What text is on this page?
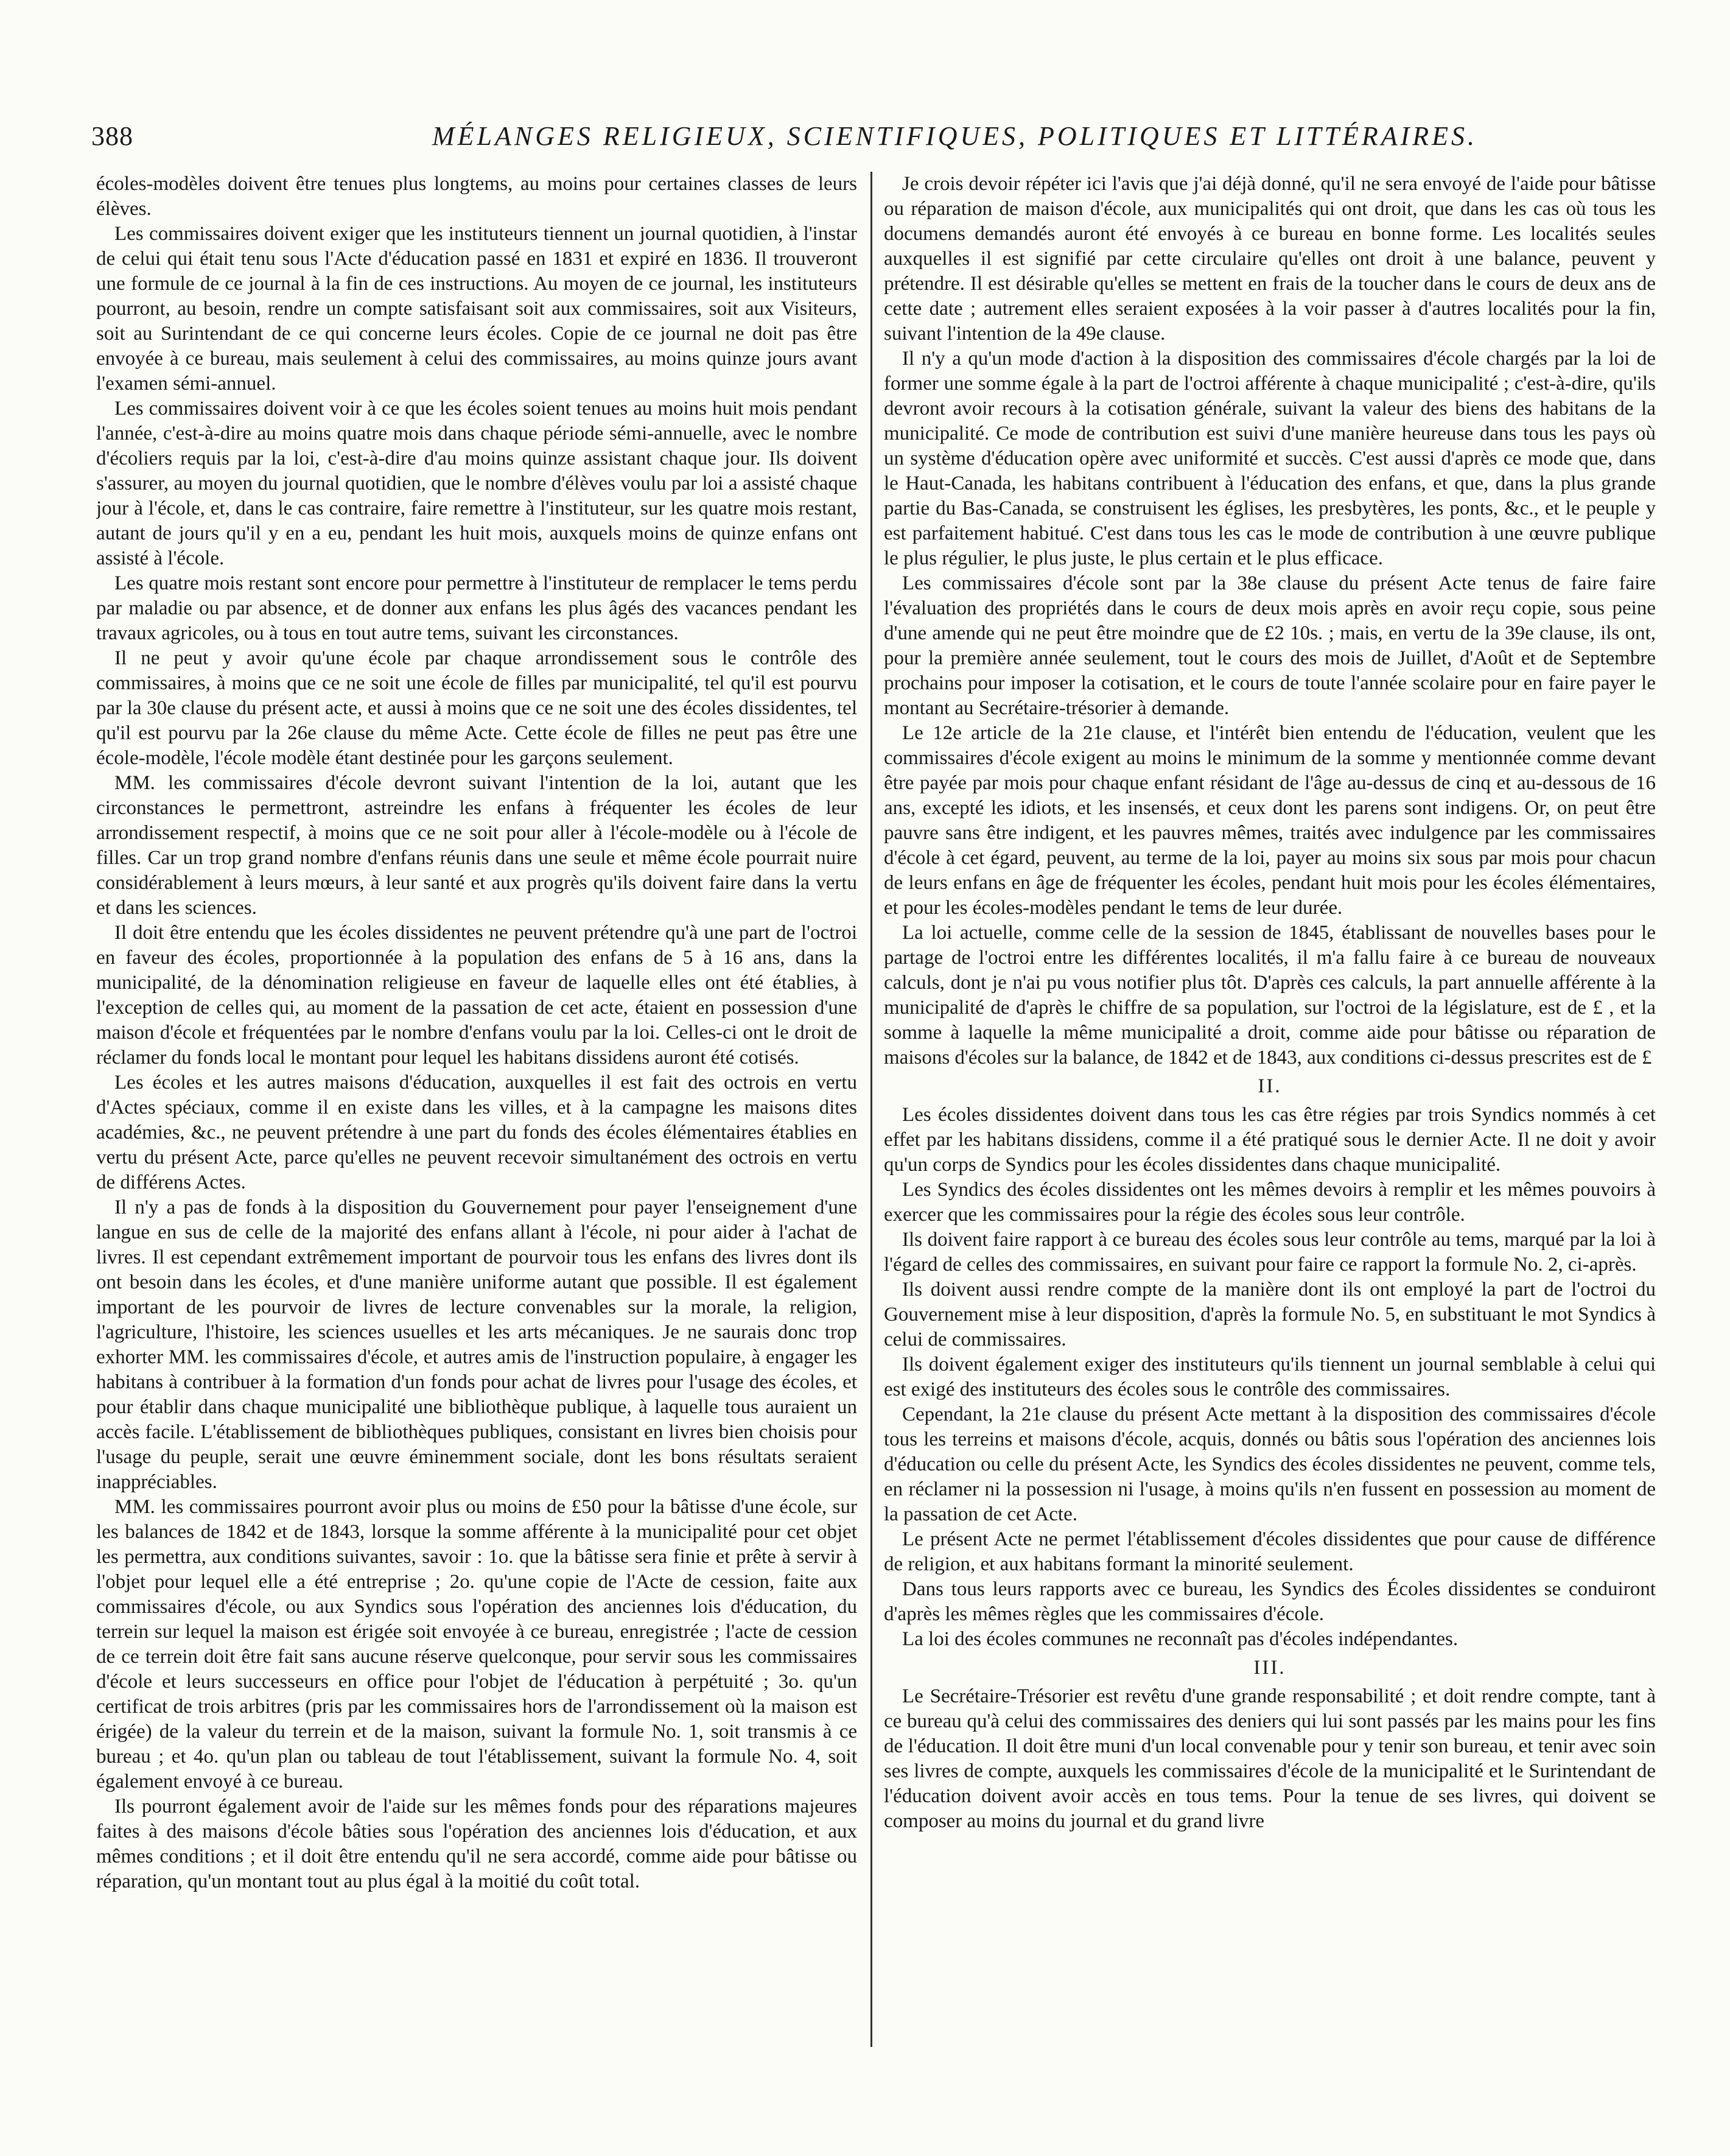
388	MÉLANGES RELIGIEUX, SCIENTIFIQUES, POLITIQUES ET LITTÉRAIRES.

écoles-modèles doivent être tenues plus longtems, au moins pour certaines classes de leurs élèves.

Les commissaires doivent exiger que les instituteurs tiennent un journal quotidien, à l'instar de celui qui était tenu sous l'Acte d'éducation passé en 1831 et expiré en 1836. Il trouveront une formule de ce journal à la fin de ces instructions. Au moyen de ce journal, les instituteurs pourront, au besoin, rendre un compte satisfaisant soit aux commissaires, soit aux Visiteurs, soit au Surintendant de ce qui concerne leurs écoles. Copie de ce journal ne doit pas être envoyée à ce bureau, mais seulement à celui des commissaires, au moins quinze jours avant l'examen sémi-annuel.

Les commissaires doivent voir à ce que les écoles soient tenues au moins huit mois pendant l'année, c'est-à-dire au moins quatre mois dans chaque période sémi-annuelle, avec le nombre d'écoliers requis par la loi, c'est-à-dire d'au moins quinze assistant chaque jour. Ils doivent s'assurer, au moyen du journal quotidien, que le nombre d'élèves voulu par loi a assisté chaque jour à l'école, et, dans le cas contraire, faire remettre à l'instituteur, sur les quatre mois restant, autant de jours qu'il y en a eu, pendant les huit mois, auxquels moins de quinze enfans ont assisté à l'école.

Les quatre mois restant sont encore pour permettre à l'instituteur de remplacer le tems perdu par maladie ou par absence, et de donner aux enfans les plus âgés des vacances pendant les travaux agricoles, ou à tous en tout autre tems, suivant les circonstances.

Il ne peut y avoir qu'une école par chaque arrondissement sous le contrôle des commissaires, à moins que ce ne soit une école de filles par municipalité, tel qu'il est pourvu par la 30e clause du présent acte, et aussi à moins que ce ne soit une des écoles dissidentes, tel qu'il est pourvu par la 26e clause du même Acte. Cette école de filles ne peut pas être une école-modèle, l'école modèle étant destinée pour les garçons seulement.

MM. les commissaires d'école devront suivant l'intention de la loi, autant que les circonstances le permettront, astreindre les enfans à fréquenter les écoles de leur arrondissement respectif, à moins que ce ne soit pour aller à l'école-modèle ou à l'école de filles. Car un trop grand nombre d'enfans réunis dans une seule et même école pourrait nuire considérablement à leurs mœurs, à leur santé et aux progrès qu'ils doivent faire dans la vertu et dans les sciences.

Il doit être entendu que les écoles dissidentes ne peuvent prétendre qu'à une part de l'octroi en faveur des écoles, proportionnée à la population des enfans de 5 à 16 ans, dans la municipalité, de la dénomination religieuse en faveur de laquelle elles ont été établies, à l'exception de celles qui, au moment de la passation de cet acte, étaient en possession d'une maison d'école et fréquentées par le nombre d'enfans voulu par la loi. Celles-ci ont le droit de réclamer du fonds local le montant pour lequel les habitans dissidens auront été cotisés.

Les écoles et les autres maisons d'éducation, auxquelles il est fait des octrois en vertu d'Actes spéciaux, comme il en existe dans les villes, et à la campagne les maisons dites académies, &c., ne peuvent prétendre à une part du fonds des écoles élémentaires établies en vertu du présent Acte, parce qu'elles ne peuvent recevoir simultanément des octrois en vertu de différens Actes.

Il n'y a pas de fonds à la disposition du Gouvernement pour payer l'enseignement d'une langue en sus de celle de la majorité des enfans allant à l'école, ni pour aider à l'achat de livres. Il est cependant extrêmement important de pourvoir tous les enfans des livres dont ils ont besoin dans les écoles, et d'une manière uniforme autant que possible. Il est également important de les pourvoir de livres de lecture convenables sur la morale, la religion, l'agriculture, l'histoire, les sciences usuelles et les arts mécaniques. Je ne saurais donc trop exhorter MM. les commissaires d'école, et autres amis de l'instruction populaire, à engager les habitans à contribuer à la formation d'un fonds pour achat de livres pour l'usage des écoles, et pour établir dans chaque municipalité une bibliothèque publique, à laquelle tous auraient un accès facile. L'établissement de bibliothèques publiques, consistant en livres bien choisis pour l'usage du peuple, serait une œuvre éminemment sociale, dont les bons résultats seraient inappréciables.

MM. les commissaires pourront avoir plus ou moins de £50 pour la bâtisse d'une école, sur les balances de 1842 et de 1843, lorsque la somme afférente à la municipalité pour cet objet les permettra, aux conditions suivantes, savoir : 1o. que la bâtisse sera finie et prête à servir à l'objet pour lequel elle a été entreprise ; 2o. qu'une copie de l'Acte de cession, faite aux commissaires d'école, ou aux Syndics sous l'opération des anciennes lois d'éducation, du terrein sur lequel la maison est érigée soit envoyée à ce bureau, enregistrée ; l'acte de cession de ce terrein doit être fait sans aucune réserve quelconque, pour servir sous les commissaires d'école et leurs successeurs en office pour l'objet de l'éducation à perpétuité ; 3o. qu'un certificat de trois arbitres (pris par les commissaires hors de l'arrondissement où la maison est érigée) de la valeur du terrein et de la maison, suivant la formule No. 1, soit transmis à ce bureau ; et 4o. qu'un plan ou tableau de tout l'établissement, suivant la formule No. 4, soit également envoyé à ce bureau.

Ils pourront également avoir de l'aide sur les mêmes fonds pour des réparations majeures faites à des maisons d'école bâties sous l'opération des anciennes lois d'éducation, et aux mêmes conditions ; et il doit être entendu qu'il ne sera accordé, comme aide pour bâtisse ou réparation, qu'un montant tout au plus égal à la moitié du coût total.

Je crois devoir répéter ici l'avis que j'ai déjà donné, qu'il ne sera envoyé de l'aide pour bâtisse ou réparation de maison d'école, aux municipalités qui ont droit, que dans les cas où tous les documens demandés auront été envoyés à ce bureau en bonne forme. Les localités seules auxquelles il est signifié par cette circulaire qu'elles ont droit à une balance, peuvent y prétendre. Il est désirable qu'elles se mettent en frais de la toucher dans le cours de deux ans de cette date ; autrement elles seraient exposées à la voir passer à d'autres localités pour la fin, suivant l'intention de la 49e clause.

Il n'y a qu'un mode d'action à la disposition des commissaires d'école chargés par la loi de former une somme égale à la part de l'octroi afférente à chaque municipalité ; c'est-à-dire, qu'ils devront avoir recours à la cotisation générale, suivant la valeur des biens des habitans de la municipalité. Ce mode de contribution est suivi d'une manière heureuse dans tous les pays où un système d'éducation opère avec uniformité et succès. C'est aussi d'après ce mode que, dans le Haut-Canada, les habitans contribuent à l'éducation des enfans, et que, dans la plus grande partie du Bas-Canada, se construisent les églises, les presbytères, les ponts, &c., et le peuple y est parfaitement habitué. C'est dans tous les cas le mode de contribution à une œuvre publique le plus régulier, le plus juste, le plus certain et le plus efficace.

Les commissaires d'école sont par la 38e clause du présent Acte tenus de faire faire l'évaluation des propriétés dans le cours de deux mois après en avoir reçu copie, sous peine d'une amende qui ne peut être moindre que de £2 10s. ; mais, en vertu de la 39e clause, ils ont, pour la première année seulement, tout le cours des mois de Juillet, d'Août et de Septembre prochains pour imposer la cotisation, et le cours de toute l'année scolaire pour en faire payer le montant au Secrétaire-trésorier à demande.

Le 12e article de la 21e clause, et l'intérêt bien entendu de l'éducation, veulent que les commissaires d'école exigent au moins le minimum de la somme y mentionnée comme devant être payée par mois pour chaque enfant résidant de l'âge au-dessus de cinq et au-dessous de 16 ans, excepté les idiots, et les insensés, et ceux dont les parens sont indigens. Or, on peut être pauvre sans être indigent, et les pauvres mêmes, traités avec indulgence par les commissaires d'école à cet égard, peuvent, au terme de la loi, payer au moins six sous par mois pour chacun de leurs enfans en âge de fréquenter les écoles, pendant huit mois pour les écoles élémentaires, et pour les écoles-modèles pendant le tems de leur durée.

La loi actuelle, comme celle de la session de 1845, établissant de nouvelles bases pour le partage de l'octroi entre les différentes localités, il m'a fallu faire à ce bureau de nouveaux calculs, dont je n'ai pu vous notifier plus tôt. D'après ces calculs, la part annuelle afférente à la municipalité de d'après le chiffre de sa population, sur l'octroi de la législature, est de £ , et la somme à laquelle la même municipalité a droit, comme aide pour bâtisse ou réparation de maisons d'écoles sur la balance, de 1842 et de 1843, aux conditions ci-dessus prescrites est de £

II.

Les écoles dissidentes doivent dans tous les cas être régies par trois Syndics nommés à cet effet par les habitans dissidens, comme il a été pratiqué sous le dernier Acte. Il ne doit y avoir qu'un corps de Syndics pour les écoles dissidentes dans chaque municipalité.

Les Syndics des écoles dissidentes ont les mêmes devoirs à remplir et les mêmes pouvoirs à exercer que les commissaires pour la régie des écoles sous leur contrôle.

Ils doivent faire rapport à ce bureau des écoles sous leur contrôle au tems, marqué par la loi à l'égard de celles des commissaires, en suivant pour faire ce rapport la formule No. 2, ci-après.

Ils doivent aussi rendre compte de la manière dont ils ont employé la part de l'octroi du Gouvernement mise à leur disposition, d'après la formule No. 5, en substituant le mot Syndics à celui de commissaires.

Ils doivent également exiger des instituteurs qu'ils tiennent un journal semblable à celui qui est exigé des instituteurs des écoles sous le contrôle des commissaires.

Cependant, la 21e clause du présent Acte mettant à la disposition des commissaires d'école tous les terreins et maisons d'école, acquis, donnés ou bâtis sous l'opération des anciennes lois d'éducation ou celle du présent Acte, les Syndics des écoles dissidentes ne peuvent, comme tels, en réclamer ni la possession ni l'usage, à moins qu'ils n'en fussent en possession au moment de la passation de cet Acte.

Le présent Acte ne permet l'établissement d'écoles dissidentes que pour cause de différence de religion, et aux habitans formant la minorité seulement.

Dans tous leurs rapports avec ce bureau, les Syndics des Écoles dissidentes se conduiront d'après les mêmes règles que les commissaires d'école.

La loi des écoles communes ne reconnaît pas d'écoles indépendantes.

III.

Le Secrétaire-Trésorier est revêtu d'une grande responsabilité ; et doit rendre compte, tant à ce bureau qu'à celui des commissaires des deniers qui lui sont passés par les mains pour les fins de l'éducation. Il doit être muni d'un local convenable pour y tenir son bureau, et tenir avec soin ses livres de compte, auxquels les commissaires d'école de la municipalité et le Surintendant de l'éducation doivent avoir accès en tous tems. Pour la tenue de ses livres, qui doivent se composer au moins du journal et du grand livre
